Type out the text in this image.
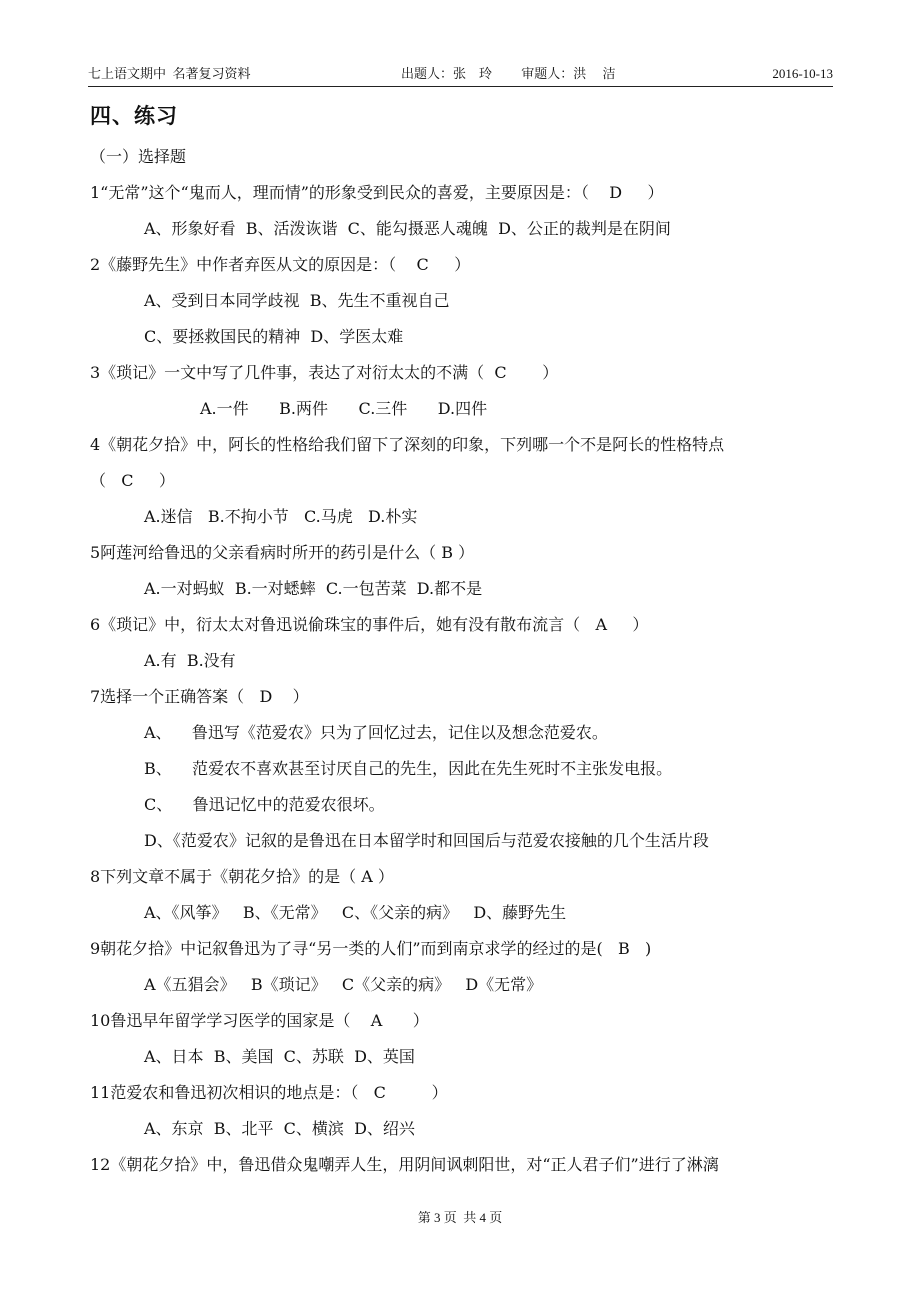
七上语文期中  名著复习资料	出题人：张    玲         审题人：洪     洁	2016-10-13
四、练习
（一）选择题
1“无常”这个“鬼而人，理而情”的形象受到民众的喜爱，主要原因是：（    D     ）
A、形象好看  B、活泼诙谐  C、能勾摄恶人魂魄  D、公正的裁判是在阴间
2《藤野先生》中作者弃医从文的原因是：（    C     ）
A、受到日本同学歧视  B、先生不重视自己
C、要拯救国民的精神  D、学医太难
3《琐记》一文中写了几件事，表达了对衍太太的不满（  C       ）
A.一件      B.两件      C.三件      D.四件
4《朝花夕拾》中，阿长的性格给我们留下了深刻的印象，下列哪一个不是阿长的性格特点
（   C     ）
A.迷信   B.不拘小节   C.马虎   D.朴实
5阿莲河给鲁迅的父亲看病时所开的药引是什么（ B ）
A.一对蚂蚁  B.一对蟋蟀  C.一包苦菜  D.都不是
6《琐记》中，衍太太对鲁迅说偷珠宝的事件后，她有没有散布流言（   A     ）
A.有  B.没有
7选择一个正确答案（   D    ）
A、    鲁迅写《范爱农》只为了回忆过去，记住以及想念范爱农。
B、    范爱农不喜欢甚至讨厌自己的先生，因此在先生死时不主张发电报。
C、    鲁迅记忆中的范爱农很坏。
D、《范爱农》记叙的是鲁迅在日本留学时和回国后与范爱农接触的几个生活片段
8下列文章不属于《朝花夕拾》的是（ A ）
A、《风筝》   B、《无常》   C、《父亲的病》   D、藤野先生
9朝花夕拾》中记叙鲁迅为了寻“另一类的人们”而到南京求学的经过的是(   B   )
A《五猖会》   B《琐记》   C《父亲的病》   D《无常》
10鲁迅早年留学学习医学的国家是（    A      ）
A、日本  B、美国  C、苏联  D、英国
11范爱农和鲁迅初次相识的地点是：（   C         ）
A、东京  B、北平  C、横滨  D、绍兴
12《朝花夕拾》中，鲁迅借众鬼嘲弄人生，用阴间讽刺阳世，对“正人君子们”进行了淋漓
第 3 页  共 4 页
